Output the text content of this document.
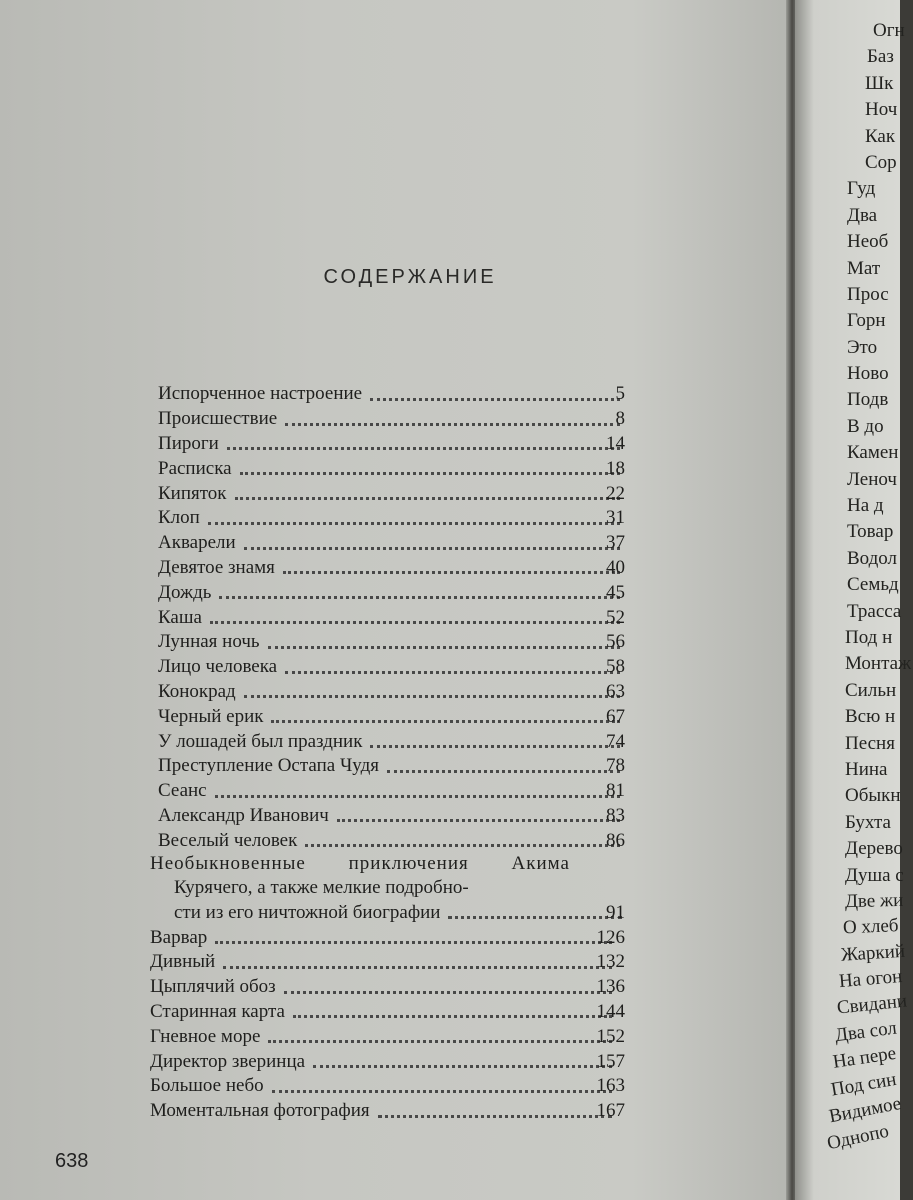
СОДЕРЖАНИЕ
Испорченное настроение	5
Происшествие	8
Пироги	14
Расписка	18
Кипяток	22
Клоп	31
Акварели	37
Девятое знамя	40
Дождь	45
Каша	52
Лунная ночь	56
Лицо человека	58
Конокрад	63
Черный ерик	67
У лошадей был праздник	74
Преступление Остапа Чудя	78
Сеанс	81
Александр Иванович	83
Веселый человек	86
Необыкновенные приключения Акима
Курячего, а также мелкие подробно-
сти из его ничтожной биографии	91
Варвар	126
Дивный	132
Цыплячий обоз	136
Старинная карта	144
Гневное море	152
Директор зверинца	157
Большое небо	163
Моментальная фотография	167
638
Огн
Баз
Шк
Ноч
Как
Сор
Гуд
Два
Необ
Мат
Прос
Горн
Это
Ново
Подв
В до
Камен
Леноч
На д
Товар
Водол
Семьд
Трасса
Под н
Монтаж
Сильн
Всю н
Песня
Нина
Обыкн
Бухта
Дерево
Душа с
Две жи
О хлеб
Жаркий
На огон
Свидани
Два сол
На пере
Под син
Видимое
Однопо
